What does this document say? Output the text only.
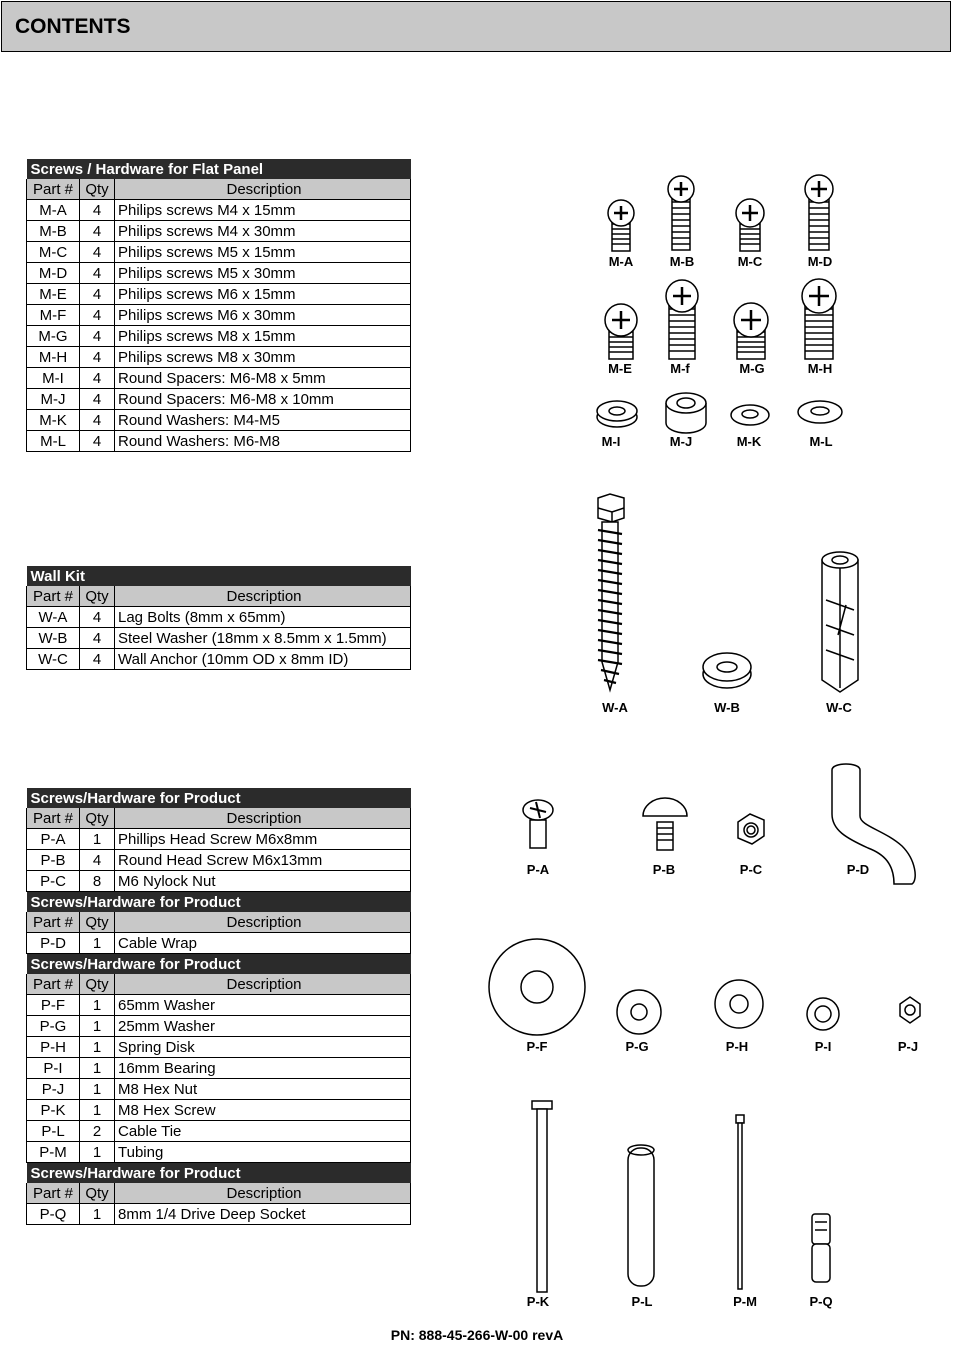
CONTENTS
Screws / Hardware for Flat Panel		
Part #	Qty	Description
M-A	4	Philips screws M4 x 15mm
M-B	4	Philips screws M4 x 30mm
M-C	4	Philips screws M5 x 15mm
M-D	4	Philips screws M5 x 30mm
M-E	4	Philips screws M6 x 15mm
M-F	4	Philips screws M6 x 30mm
M-G	4	Philips screws M8 x 15mm
M-H	4	Philips screws M8 x 30mm
M-I	4	Round Spacers: M6-M8 x 5mm
M-J	4	Round Spacers: M6-M8 x 10mm
M-K	4	Round Washers: M4-M5
M-L	4	Round Washers: M6-M8
Wall Kit		
Part #	Qty	Description
W-A	4	Lag Bolts (8mm x 65mm)
W-B	4	Steel Washer (18mm x 8.5mm x 1.5mm)
W-C	4	Wall Anchor (10mm OD x 8mm ID)
Screws/Hardware for Product		
Part #	Qty	Description
P-A	1	Phillips Head Screw M6x8mm
P-B	4	Round Head Screw M6x13mm
P-C	8	M6 Nylock Nut
Screws/Hardware for Product		
Part #	Qty	Description
P-D	1	Cable Wrap
Screws/Hardware for Product		
Part #	Qty	Description
P-F	1	65mm Washer
P-G	1	25mm Washer
P-H	1	Spring Disk
P-I	1	16mm Bearing
P-J	1	M8 Hex Nut
P-K	1	M8 Hex Screw
P-L	2	Cable Tie
P-M	1	Tubing
Screws/Hardware for Product		
Part #	Qty	Description
P-Q	1	8mm 1/4 Drive Deep Socket
M-A	M-B	M-C	M-D
M-E	M-f	M-G	M-H
M-I	M-J	M-K	M-L
W-A	W-B	W-C
P-A	P-B	P-C	P-D
P-F	P-G	P-H	P-I	P-J
P-K	P-L	P-M	P-Q
PN: 888-45-266-W-00 revA
